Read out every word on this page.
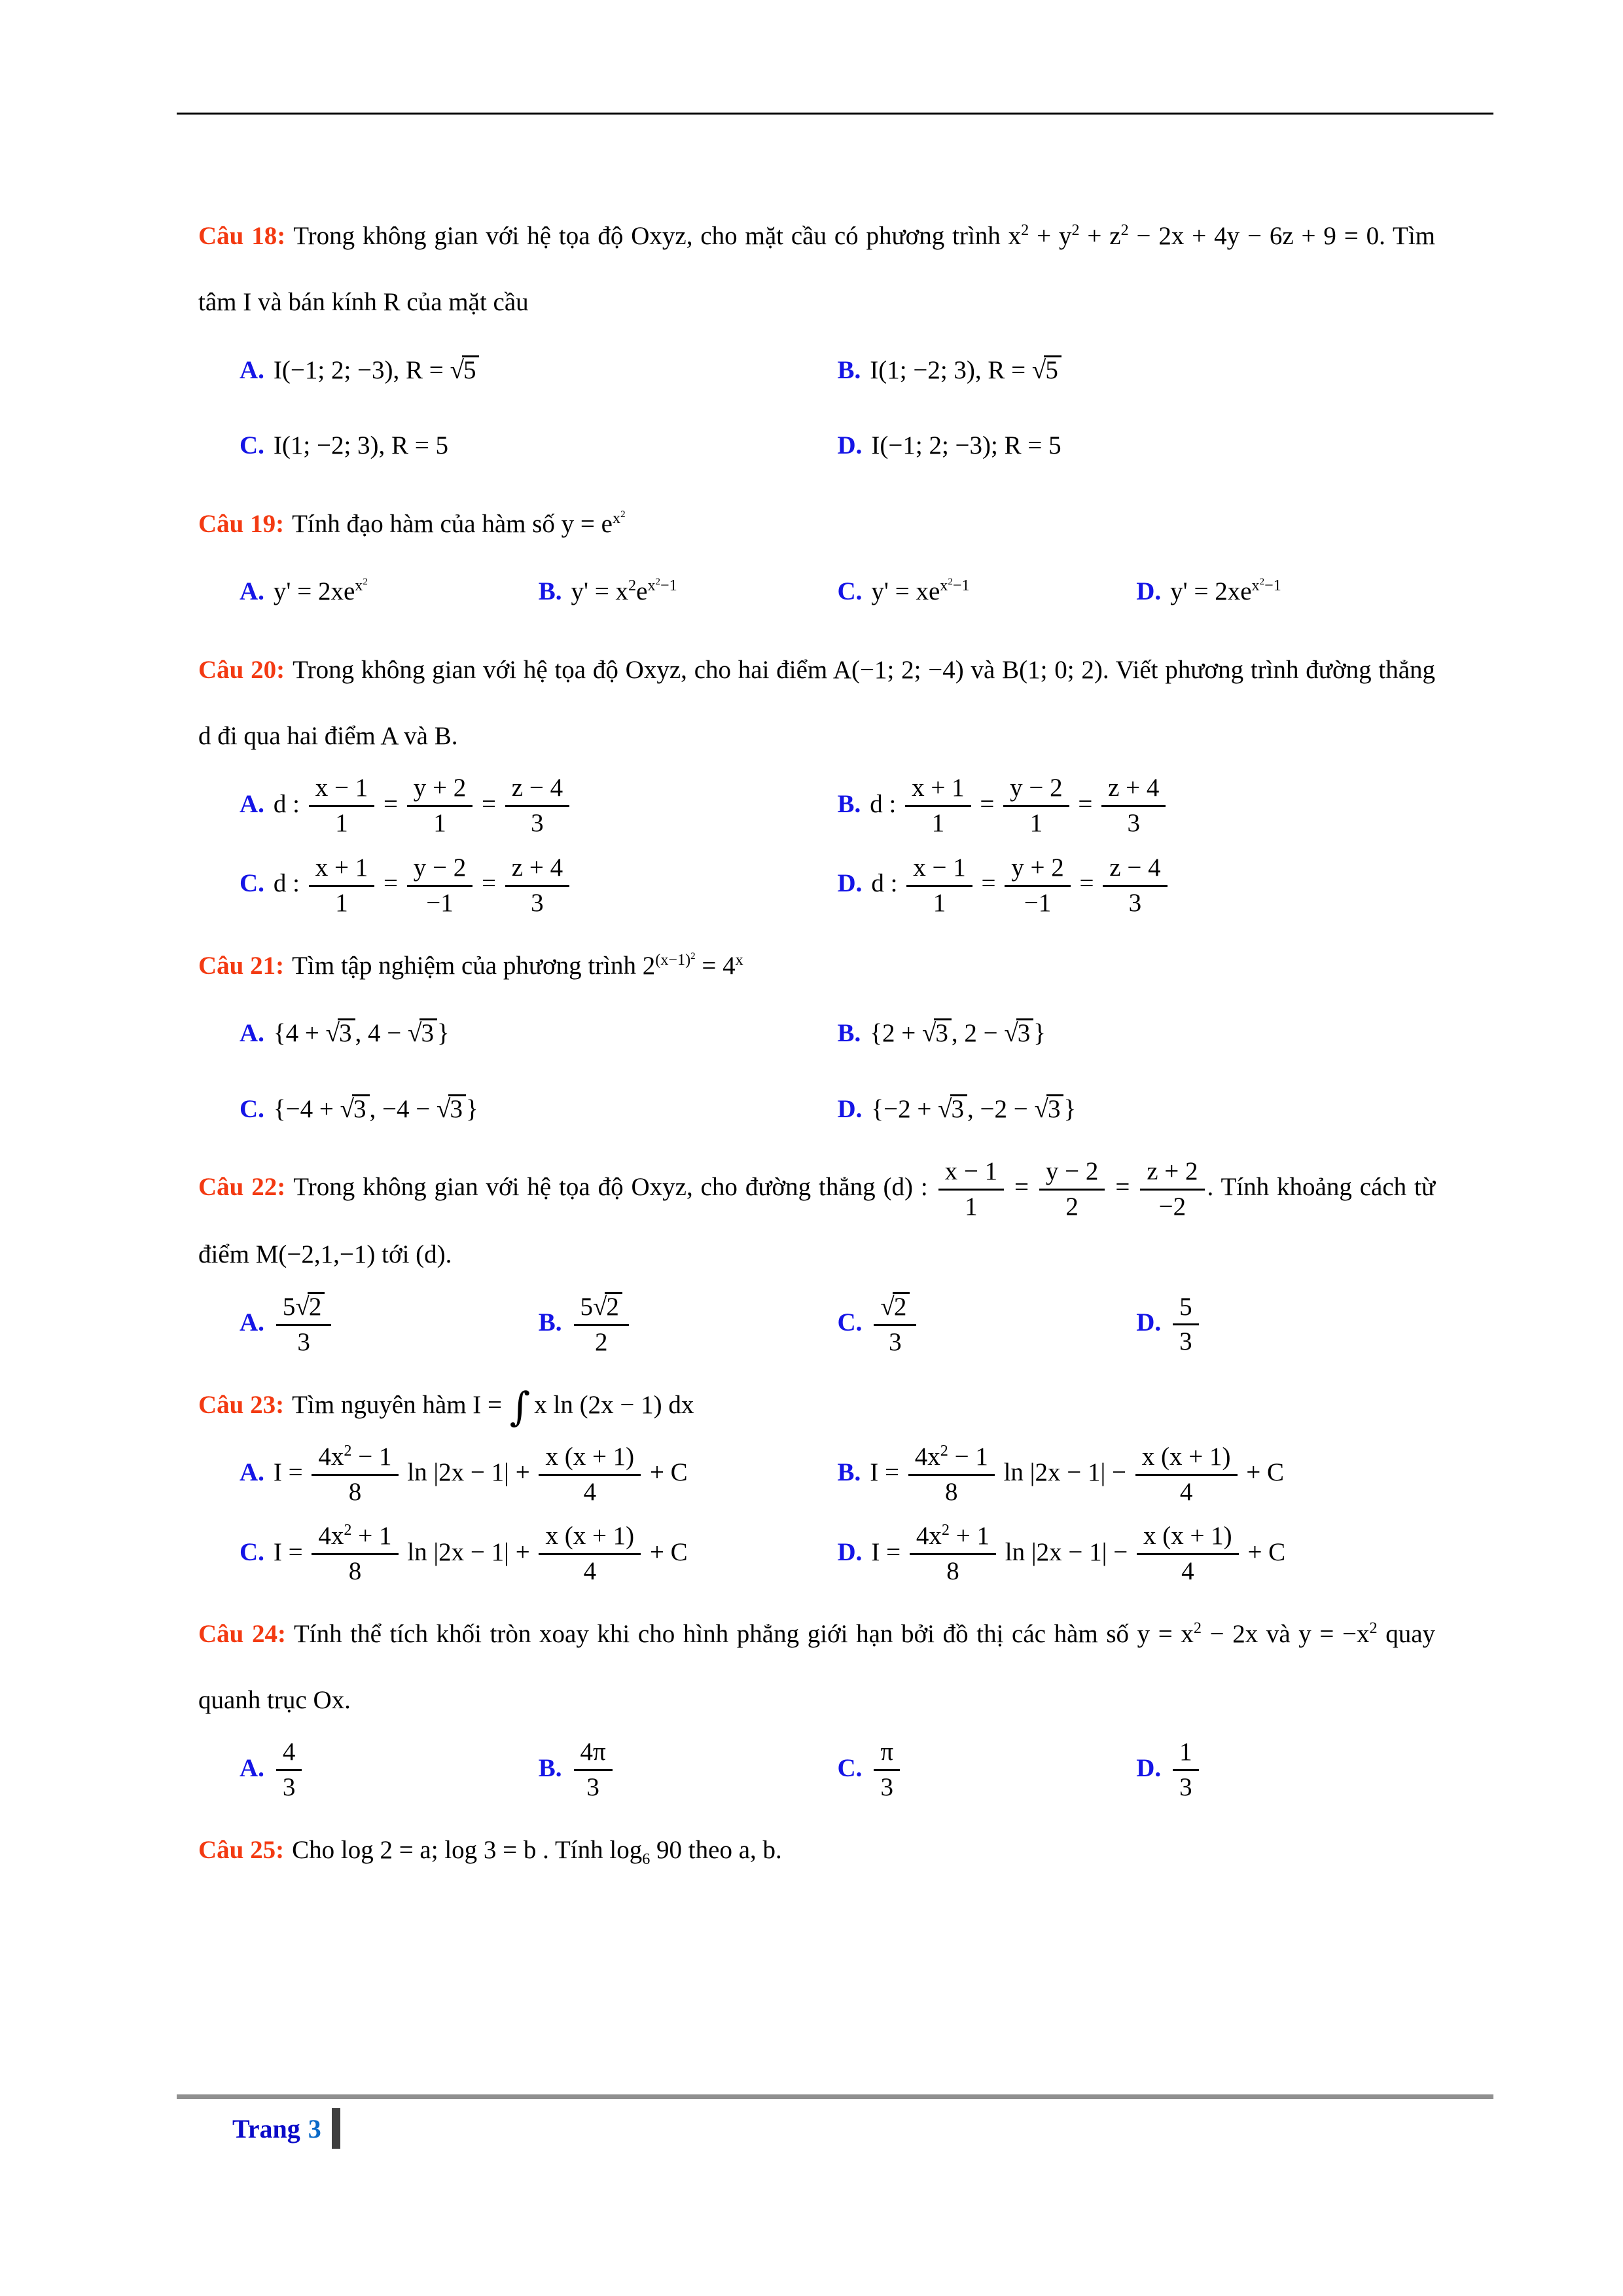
Câu 18: Trong không gian với hệ tọa độ Oxyz, cho mặt cầu có phương trình $x^2 + y^2 + z^2 - 2x + 4y - 6z + 9 = 0$. Tìm tâm I và bán kính R của mặt cầu

A. I(−1; 2; −3), R = √5	B. I(1; −2; 3), R = √5
C. I(1; −2; 3), R = 5	D. I(−1; 2; −3); R = 5

Câu 19: Tính đạo hàm của hàm số $y = e^{x^2}$

A. $y' = 2xe^{x^2}$	B. $y' = x^2e^{x^2-1}$	C. $y' = xe^{x^2-1}$	D. $y' = 2xe^{x^2-1}$

Câu 20: Trong không gian với hệ tọa độ Oxyz, cho hai điểm A(−1; 2; −4) và B(1; 0; 2). Viết phương trình đường thẳng d đi qua hai điểm A và B.

A. d : $\frac{x - 1}{1} = \frac{y + 2}{1} = \frac{z - 4}{3}$	B. d : $\frac{x + 1}{1} = \frac{y - 2}{1} = \frac{z + 4}{3}$
C. d : $\frac{x + 1}{1} = \frac{y - 2}{-1} = \frac{z + 4}{3}$	D. d : $\frac{x - 1}{1} = \frac{y + 2}{-1} = \frac{z - 4}{3}$

Câu 21: Tìm tập nghiệm của phương trình $2^{(x-1)^2} = 4^x$

A. {4 + √3 , 4 − √3 }	B. {2 + √3 , 2 − √3 }
C. {−4 + √3 , −4 − √3 }	D. {−2 + √3 , −2 − √3 }

Câu 22: Trong không gian với hệ tọa độ Oxyz, cho đường thẳng (d) : $\frac{x - 1}{1} = \frac{y - 2}{2} = \frac{z + 2}{-2}$ . Tính khoảng cách từ điểm M(−2,1,−1) tới (d).

A. $\frac{5√2}{3}$	B. $\frac{5√2}{2}$	C. $\frac{√2}{3}$	D. $\frac{5}{3}$

Câu 23: Tìm nguyên hàm I = ∫ x ln (2x − 1) dx

A. $I = \frac{4x^2 - 1}{8}$ $\ln |2x - 1| + \frac{x (x + 1)}{4} + C$	B. $I = \frac{4x^2 - 1}{8}$ $\ln |2x - 1| - \frac{x (x + 1)}{4} + C$
C. $I = \frac{4x^2 + 1}{8}$ $\ln |2x - 1| + \frac{x (x + 1)}{4} + C$	D. $I = \frac{4x^2 + 1}{8}$ $\ln |2x - 1| - \frac{x (x + 1)}{4} + C$

Câu 24: Tính thể tích khối tròn xoay khi cho hình phẳng giới hạn bởi đồ thị các hàm số $y = x^2 - 2x$ và $y = -x^2$ quay quanh trục Ox.

A. $\frac{4}{3}$	B. $\frac{4\pi}{3}$	C. $\frac{\pi}{3}$	D. $\frac{1}{3}$

Câu 25: Cho log 2 = a; log 3 = b . Tính $\log_6 90$ theo a, b.

Trang 3
